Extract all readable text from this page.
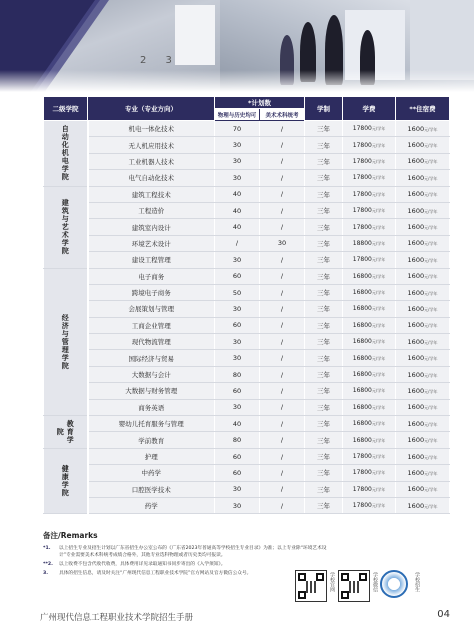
2 3
二级学院	专业（专业方向）	*计划数		学制	学费	**住宿费
		物理与历史均可	美术术科统考			
自动化机电学院	机电一体化技术	70	/	三年	17800元/学年	1600元/学年
	无人机应用技术	30	/	三年	17800元/学年	1600元/学年
	工业机器人技术	30	/	三年	17800元/学年	1600元/学年
	电气自动化技术	30	/	三年	17800元/学年	1600元/学年
建筑与艺术学院	建筑工程技术	40	/	三年	17800元/学年	1600元/学年
	工程造价	40	/	三年	17800元/学年	1600元/学年
	建筑室内设计	40	/	三年	17800元/学年	1600元/学年
	环境艺术设计	/	30	三年	18800元/学年	1600元/学年
	建设工程管理	30	/	三年	17800元/学年	1600元/学年
经济与管理学院	电子商务	60	/	三年	16800元/学年	1600元/学年
	跨境电子商务	50	/	三年	16800元/学年	1600元/学年
	会展策划与管理	30	/	三年	16800元/学年	1600元/学年
	工商企业管理	60	/	三年	16800元/学年	1600元/学年
	现代物流管理	30	/	三年	16800元/学年	1600元/学年
	国际经济与贸易	30	/	三年	16800元/学年	1600元/学年
	大数据与会计	80	/	三年	16800元/学年	1600元/学年
	大数据与财务管理	60	/	三年	16800元/学年	1600元/学年
	商务英语	30	/	三年	16800元/学年	1600元/学年
教育学院	婴幼儿托育服务与管理	40	/	三年	16800元/学年	1600元/学年
	学前教育	80	/	三年	16800元/学年	1600元/学年
健康学院	护理	60	/	三年	17800元/学年	1600元/学年
	中药学	60	/	三年	17800元/学年	1600元/学年
	口腔医学技术	30	/	三年	17800元/学年	1600元/学年
	药学	30	/	三年	17800元/学年	1600元/学年
备注/Remarks
*1.	以上招生专业及招生计划以广东省招生办公室公布的《广东省2023年普通高等学校招生专业目录》为准；以上专业除“环境艺术设计”专业需要美术术科统考成绩合格外，其他专业选科物理或者历史类均可报读。
**2.	以上收费不包含代收代收费，具体费用详见录取通知书同步寄出的《入学须知》。
3.	具体的招生信息，请及时关注“广州现代信息工程职业技术学院”官方网站及官方微信公众号。	学校官网	学校微信	学校招生
广州现代信息工程职业技术学院招生手册	04
